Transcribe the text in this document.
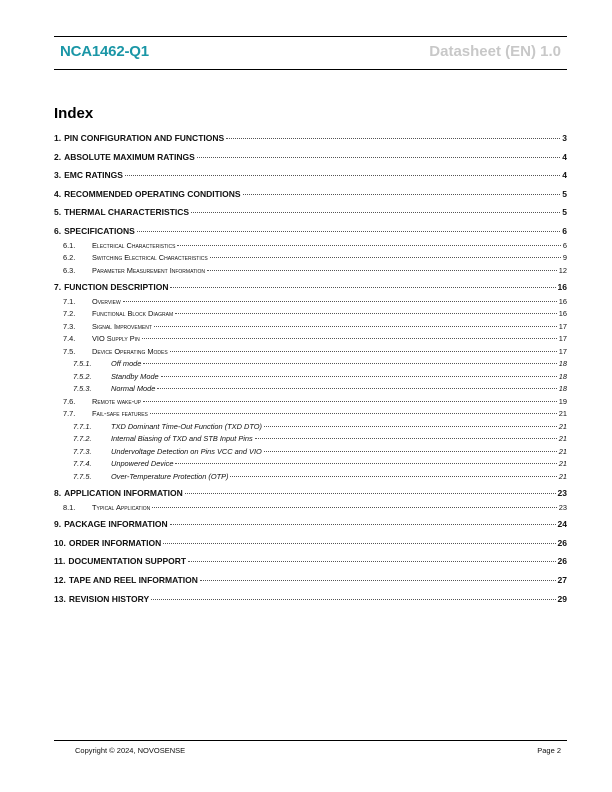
NCA1462-Q1	Datasheet (EN) 1.0
Index
1. PIN CONFIGURATION AND FUNCTIONS	3
2. ABSOLUTE MAXIMUM RATINGS	4
3. EMC RATINGS	4
4. RECOMMENDED OPERATING CONDITIONS	5
5. THERMAL CHARACTERISTICS	5
6. SPECIFICATIONS	6
6.1.	Electrical Characteristics	6
6.2.	Switching Electrical Characteristics	9
6.3.	Parameter Measurement Information	12
7. FUNCTION DESCRIPTION	16
7.1.	Overview	16
7.2.	Functional Block Diagram	16
7.3.	Signal Improvement	17
7.4.	VIO Supply Pin	17
7.5.	Device Operating Modes	17
7.5.1.	Off mode	18
7.5.2.	Standby Mode	18
7.5.3.	Normal Mode	18
7.6.	Remote wake-up	19
7.7.	Fail-safe features	21
7.7.1.	TXD Dominant Time-Out Function (TXD DTO)	21
7.7.2.	Internal Biasing of TXD and STB Input Pins	21
7.7.3.	Undervoltage Detection on Pins VCC and VIO	21
7.7.4.	Unpowered Device	21
7.7.5.	Over-Temperature Protection (OTP)	21
8. APPLICATION INFORMATION	23
8.1.	Typical Application	23
9. PACKAGE INFORMATION	24
10. ORDER INFORMATION	26
11. DOCUMENTATION SUPPORT	26
12. TAPE AND REEL INFORMATION	27
13. REVISION HISTORY	29
Copyright © 2024, NOVOSENSE	Page 2
